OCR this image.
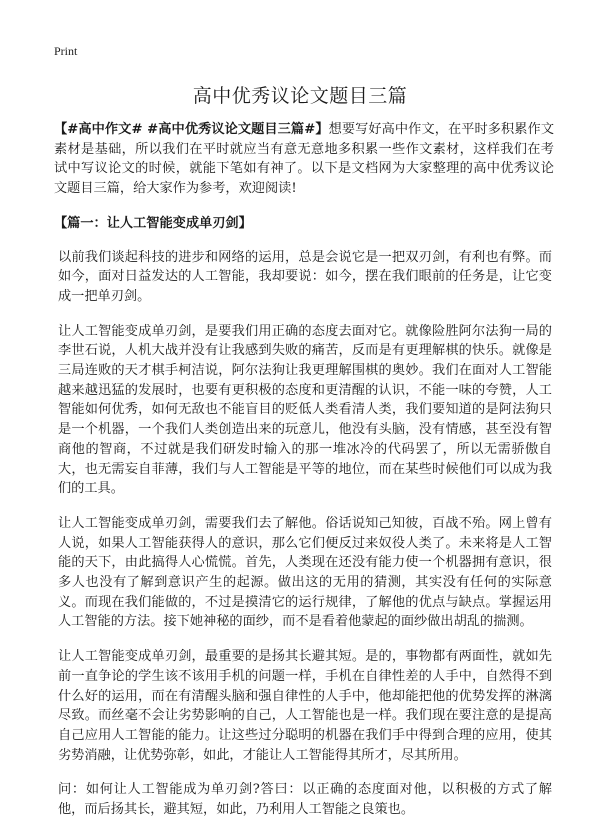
Print
高中优秀议论文题目三篇

【#高中作文# #高中优秀议论文题目三篇#】想要写好高中作文，在平时多积累作文素材是基础，所以我们在平时就应当有意无意地多积累一些作文素材，这样我们在考试中写议论文的时候，就能下笔如有神了。以下是文档网为大家整理的高中优秀议论文题目三篇，给大家作为参考，欢迎阅读!

【篇一：让人工智能变成单刃剑】

以前我们谈起科技的进步和网络的运用，总是会说它是一把双刃剑，有利也有弊。而如今，面对日益发达的人工智能，我却要说：如今，摆在我们眼前的任务是，让它变成一把单刃剑。

让人工智能变成单刃剑，是要我们用正确的态度去面对它。就像险胜阿尔法狗一局的李世石说，人机大战并没有让我感到失败的痛苦，反而是有更理解棋的快乐。就像是三局连败的天才棋手柯洁说，阿尔法狗让我更理解围棋的奥妙。我们在面对人工智能越来越迅猛的发展时，也要有更积极的态度和更清醒的认识，不能一味的夸赞，人工智能如何优秀，如何无敌也不能盲目的贬低人类看清人类，我们要知道的是阿法狗只是一个机器，一个我们人类创造出来的玩意儿，他没有头脑，没有情感，甚至没有智商他的智商，不过就是我们研发时输入的那一堆冰冷的代码罢了，所以无需骄傲自大，也无需妄自菲薄，我们与人工智能是平等的地位，而在某些时候他们可以成为我们的工具。

让人工智能变成单刃剑，需要我们去了解他。俗话说知己知彼，百战不殆。网上曾有人说，如果人工智能获得人的意识，那么它们便反过来奴役人类了。未来将是人工智能的天下，由此搞得人心慌慌。首先，人类现在还没有能力使一个机器拥有意识，很多人也没有了解到意识产生的起源。做出这的无用的猜测，其实没有任何的实际意义。而现在我们能做的，不过是摸清它的运行规律，了解他的优点与缺点。掌握运用人工智能的方法。接下她神秘的面纱，而不是看着他蒙起的面纱做出胡乱的揣测。

让人工智能变成单刃剑，最重要的是扬其长避其短。是的，事物都有两面性，就如先前一直争论的学生该不该用手机的问题一样，手机在自律性差的人手中，自然得不到什么好的运用，而在有清醒头脑和强自律性的人手中，他却能把他的优势发挥的淋漓尽致。而丝毫不会让劣势影响的自己，人工智能也是一样。我们现在要注意的是提高自己应用人工智能的能力。让这些过分聪明的机器在我们手中得到合理的应用，使其劣势消融，让优势弥彰，如此，才能让人工智能得其所才，尽其所用。

问：如何让人工智能成为单刃剑?答曰：以正确的态度面对他，以积极的方式了解他，而后扬其长，避其短，如此，乃利用人工智能之良策也。
